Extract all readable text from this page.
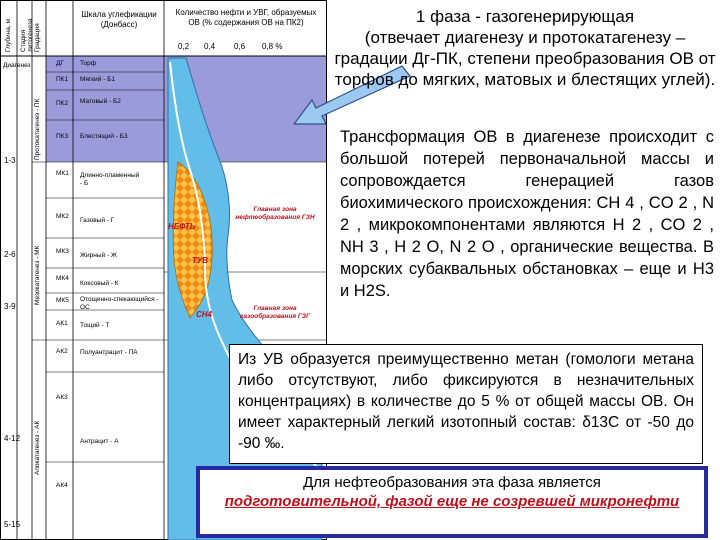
Глубина, м Стадия литогенеза Градация
Шкала углефикации (Донбасс)
Количество нефти и УВГ, образуемых ОВ (% содержания ОВ на ПК2)
0,2 0,4 0,6 0,8 %
1-3
2-6
3-9
4-12
5-15
Диагенез
Протокатагенез - ПК
Мезокатагенез - МК
Апокатагенез - АК
ДГ
ПК1
ПК2
ПК3
МК1
МК2
МК3
МК4
МК5
АК1
АК2
АК3
АК4
Торф
Мягкий - Б1
Матовый - Б2
Блестящий - Б3
Длинно-пламенный - Б
Газовый - Г
Жирный - Ж
Коксовый - К
Отощенно-спекающийся - ОС
Тощий - Т
Полуантрацит - ПА
Антрацит - А
Главная зона нефтеобразования ГЗН
Главная зона газообразования ГЗГ
НЕФТЬ
ТУВ
CH4
1 фаза - газогенерирующая
(отвечает диагенезу и протокатагенезу – градации Дг-ПК, степени преобразования ОВ от торфов до мягких, матовых и блестящих углей).
Трансформация ОВ в диагенезе происходит с большой потерей первоначальной массы и сопровождается генерацией газов биохимического происхождения: CH 4 , CO 2 , N 2 , микрокомпонентами являются H 2 , CO 2 , NH 3 , H 2 O, N 2 O , органические вещества. В морских субаквальных обстановках – еще и H3 и H2S.
Из УВ образуется преимущественно метан (гомологи метана либо отсутствуют, либо фиксируются в незначительных концентрациях) в количестве до 5 % от общей массы ОВ. Он имеет характерный легкий изотопный состав: δ13C от -50 до -90 ‰.
Для нефтеобразования эта фаза является
подготовительной, фазой еще не созревшей микронефти
